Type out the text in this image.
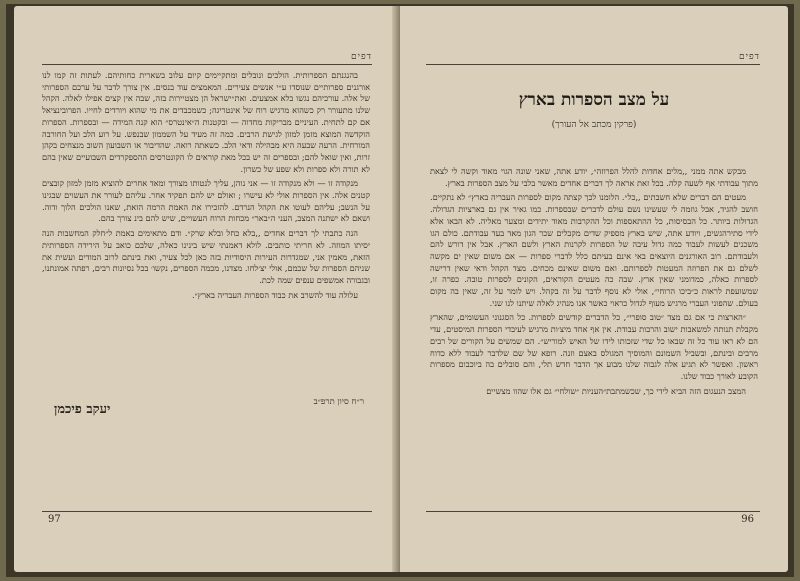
דפים

בהנגנתם הספרותית. הולכים ונובלים ומתקיימים קיום עלוב בשארית כחותיהם. לעתות זה קמו לנו אורגנים ספרותיים שנוסדו ע״י אנשים צעירים. המאמצים עוד בנסים. אין צורך לדבר על ערכם הספרותי של אלה. עורכיהם נגשו בלא אמצעים. ואת״ישראל הן מצטיירות בזה, שבה אין קצים אפילו לאלה. הקהל שלנו מתעורר רק כשהוא מרגיש רוח של אינטריגה; כשמכבדים את מי שהוא ויורדים לחייו. הפרובינציאל אם קם לתחית. העיניים מבריקות מחדוה — ובקטנות ה״אינטרס״ הוא קנה המידה — ובספרות. הספרות הוקדשה המוצא מזמן למזון לגישת הרבים. כמה זה מעיד על השממון שבנפש. על רוע הלב ועל החורבה המורחית. הרעה שבעה היא מבהילה ודאי הלב. כשאתה רואה. שהדיבור או השבועון השוב מנצחים בקהן זרות, ואין שואל להם; ובספרים זה יש בכל מאת קוראים לו הקונטרסים ההספקרדים השבועיים שאין בהם לא תורה ולא ספרות ולא שפע של כשרון.

מנקודה זו — ולא מנקודה זו — אני נוהן, עליך לנטותו מצורך ומאד אחרים להוציא מזמן למזון קובצים קטנים אלה. אין הספרות אולי לא עישרו ; ואולם יש להם תפקיד אחר. עליהם לעורר את העשוים שבגינו על הנשב; עליהם לעוטו את הקהל הנרדם. להזכירו את האמת הרמה הזאת, שאנו הולכים הלוך ודוה. ושאם לא ישתנה המצב, העני ה״באר״ מכחות הרוח העשויים, שיש להם בינ צורך בהם.

הנה כתבתי לך דברים אחדים ,,בלא כחל ובלא שרק״. ודם מתאימים באמת ל״חלק המחשבות הנה יסיתו המוזה. לא חריתי כותבים. לולא דאמנתי שיש בינינו כאלה, שלבם כואב על הירידה הספרותית הזאת, מאמין אני, שמגדרות העירות היסודיות בזה כאן לכל צעיר, ואת בינתם לרוב המודים ועשית את שניהם הספרות של שכמם, אולי יצ׳לחו. מצדנו, מכמה הספרים, נקשו׳ בכל נסיונות רבים, רפתה אמונתנו, ובגבורה אמשפים ענפים שמה לכת.

עלולה עוד להשרב את כבוד הספרות העבריה בארץ״.

ר״ח סיון תרפ״ב
יעקב פיכמן
97
דפים
על מצב הספרות בארץ
(פרקין מכתב אל העורך)

מבקש אתה ממני ,,מלים אחדות להלל הפרוזה״, יודע אתה, שאני שונה הגוי מאוד וקשה לי לצאת מתוך עבודתי אף לשעה קלה. בכל זאת אראה לך דברים אחדים מאשר בלבי על מצב הספרות בארץ.

מעטים הם דברים שלא חשבתים ,,כל״. הלומנו לכך קצתה מקום לספרות העבריה בארץ״ לא נתקיים. חושב להגיד, אבל גוזמה לי שעשינו נשם עולם לדברים שבספרות. כמו גאיר אין גם בארציות הגדולה. הגדולות ביותר. כל הבסיסות, כל ההתאספות וכל ההקרבות מאוד יתידים ומצער מאליה. לא הבאו אלא לידי סתירהגשים, ויודע אתה, שיש בארץ מספיק שדים מקבלים שכר הגון מאד בעד עבודתם. כולם הגו משכנים לעשות לעבוד כמה גדול עיבה של הספרות לקרנות הארץ ולשם הארץ. אבל אין דורש להם ולעבודתם. רוב האורגנים היוצאים באי אינם בעיתם כלל לדברי ספרות — אם משום שאין ים מקשה לשלם גם את הפרוזה המעטות לספרותם. ואם משום שאינם מכחים. מצד הקהל ודאי שאין דרישה לספרות כאלה, כמדומני שאין ארץ. שבה כה מעטים הקוראים, הקונים לספרות טובה. כפרה זו, שמשועפת לראות כ״ביכו הרוחי״, אולי לא נוסף לדבר על זה בקהל. ויש לומר על זה, שאין בה מקום בעולם. שהפוני העברי מרגיש מעוף לגדול כראוי כאשר אנו מנהיג לאלה שיתנו לנו שני.

״הארצות כי אם גם מצד ״טוב סופרי״, כל הדברים קודשים לספרות. כל הסגנוני העשומים, שהארץ מקבלת תנותה למשאבות ישוב והרבות עבודת. אין אף אחד מיצ׳ות מרגיש לעיבדי הספרות המיסטים, עדי הם לא ראו עוד כל זה שבאו כל שדי שזכותו לידו של האיש למוריש״. הם שמשים על הקורים של רבים מרבים ובינתם, ובשביל השמונם והמוסיך המגולס באצם וזנה. רופא של שם שלדבר לעבוד ללא כדוח ראשון. ואפשר לא תגיע אלה לגבוה שלנו מבוע אך הדבר חדש תלי, והם סובלים בה ביוכבום מספרות הקובע לאורך כבוד שלנו.

המצב הנעגום הזה הביא לידי כך, שכשמתבת״העניות ״שולחי״ גם אלו שהוו מצשיים

96
